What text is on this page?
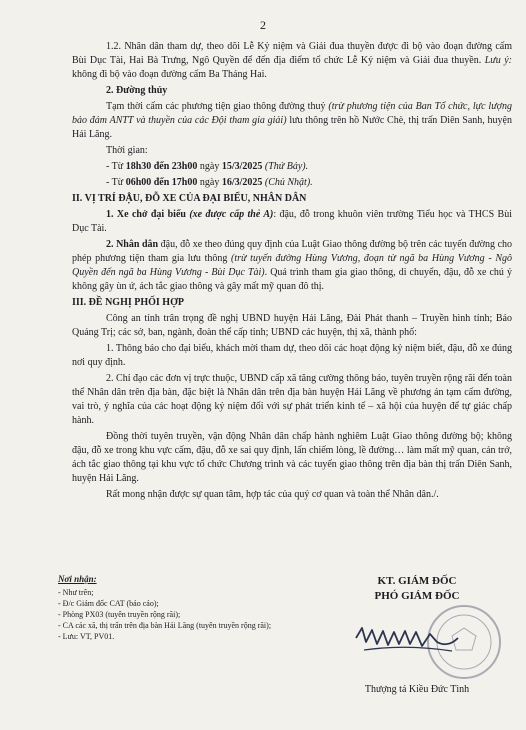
2

1.2. Nhân dân tham dự, theo dõi Lễ Kỷ niệm và Giải đua thuyền được đi bộ vào đoạn đường cấm Bùi Dục Tài, Hai Bà Trưng, Ngô Quyền để đến địa điểm tổ chức Lễ Kỷ niệm và Giải đua thuyền. Lưu ý: không đi bộ vào đoạn đường cấm Ba Tháng Hai.

2. Đường thủy

Tạm thời cấm các phương tiện giao thông đường thuỷ (trừ phương tiện của Ban Tổ chức, lực lượng bảo đảm ANTT và thuyền của các Đội tham gia giải) lưu thông trên hồ Nước Chè, thị trấn Diên Sanh, huyện Hải Lăng.

Thời gian:

- Từ 18h30 đến 23h00 ngày 15/3/2025 (Thứ Bảy).

- Từ 06h00 đến 17h00 ngày 16/3/2025 (Chủ Nhật).

II. VỊ TRÍ ĐẬU, ĐỖ XE CỦA ĐẠI BIỂU, NHÂN DÂN

1. Xe chở đại biểu (xe được cấp thẻ A): đậu, đỗ trong khuôn viên trường Tiểu học và THCS Bùi Dục Tài.

2. Nhân dân đậu, đỗ xe theo đúng quy định của Luật Giao thông đường bộ trên các tuyến đường cho phép phương tiện tham gia lưu thông (trừ tuyến đường Hùng Vương, đoạn từ ngã ba Hùng Vương - Ngô Quyền đến ngã ba Hùng Vương - Bùi Dục Tài). Quá trình tham gia giao thông, di chuyển, đậu, đỗ xe chú ý không gây ùn ứ, ách tắc giao thông và gây mất mỹ quan đô thị.

III. ĐỀ NGHỊ PHỐI HỢP

Công an tỉnh trân trọng đề nghị UBND huyện Hải Lăng, Đài Phát thanh – Truyền hình tỉnh; Báo Quảng Trị; các sở, ban, ngành, đoàn thể cấp tỉnh; UBND các huyện, thị xã, thành phố:

1. Thông báo cho đại biểu, khách mời tham dự, theo dõi các hoạt động kỷ niệm biết, đậu, đỗ xe đúng nơi quy định.

2. Chỉ đạo các đơn vị trực thuộc, UBND cấp xã tăng cường thông báo, tuyên truyền rộng rãi đến toàn thể Nhân dân trên địa bàn, đặc biệt là Nhân dân trên địa bàn huyện Hải Lăng về phương án tạm cấm đường, vai trò, ý nghĩa của các hoạt động kỷ niệm đối với sự phát triển kinh tế – xã hội của huyện để tự giác chấp hành.

Đồng thời tuyên truyền, vận động Nhân dân chấp hành nghiêm Luật Giao thông đường bộ; không đậu, đỗ xe trong khu vực cấm, đậu, đỗ xe sai quy định, lấn chiếm lòng, lề đường… làm mất mỹ quan, cản trở, ách tắc giao thông tại khu vực tổ chức Chương trình và các tuyến giao thông trên địa bàn thị trấn Diên Sanh, huyện Hải Lăng.

Rất mong nhận được sự quan tâm, hợp tác của quý cơ quan và toàn thể Nhân dân./.

Nơi nhận:

- Như trên;

- Đ/c Giám đốc CAT (báo cáo);

- Phòng PX03 (tuyên truyền rộng rãi);

- CA các xã, thị trấn trên địa bàn Hải Lăng (tuyên truyền rộng rãi);

- Lưu: VT, PV01.

KT. GIÁM ĐỐC
PHÓ GIÁM ĐỐC
Thượng tá Kiều Đức Tình
